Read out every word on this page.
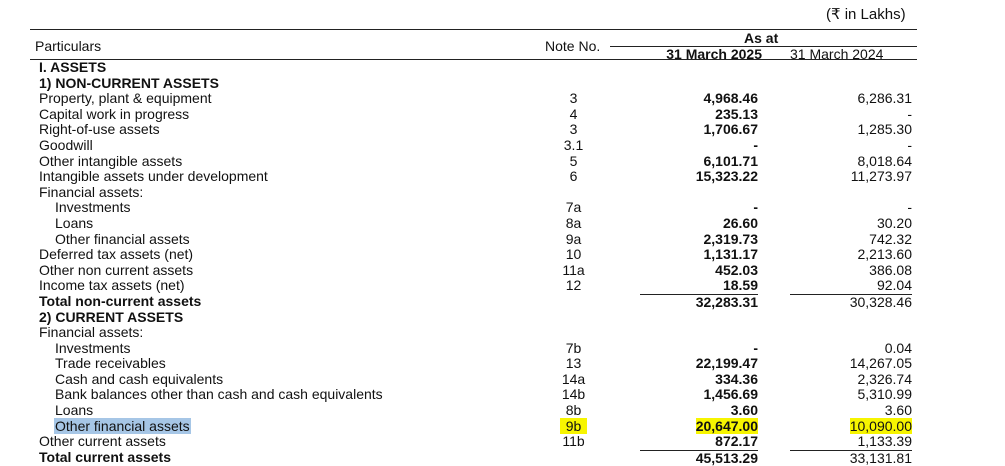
(₹ in Lakhs)
Particulars	Note No.	As at
31 March 2025 31 March 2024
I. ASSETS
1) NON-CURRENT ASSETS
Property, plant & equipment	3	4,968.46	6,286.31
Capital work in progress	4	235.13	-
Right-of-use assets	3	1,706.67	1,285.30
Goodwill	3.1	-	-
Other intangible assets	5	6,101.71	8,018.64
Intangible assets under development	6	15,323.22	11,273.97
Financial assets:
Investments	7a	-	-
Loans	8a	26.60	30.20
Other financial assets	9a	2,319.73	742.32
Deferred tax assets (net)	10	1,131.17	2,213.60
Other non current assets	11a	452.03	386.08
Income tax assets (net)	12	18.59	92.04
Total non-current assets	32,283.31	30,328.46
2) CURRENT ASSETS
Financial assets:
Investments	7b	-	0.04
Trade receivables	13	22,199.47	14,267.05
Cash and cash equivalents	14a	334.36	2,326.74
Bank balances other than cash and cash equivalents	14b	1,456.69	5,310.99
Loans	8b	3.60	3.60
Other financial assets	9b	20,647.00	10,090.00
Other current assets	11b	872.17	1,133.39
Total current assets	45,513.29	33,131.81
